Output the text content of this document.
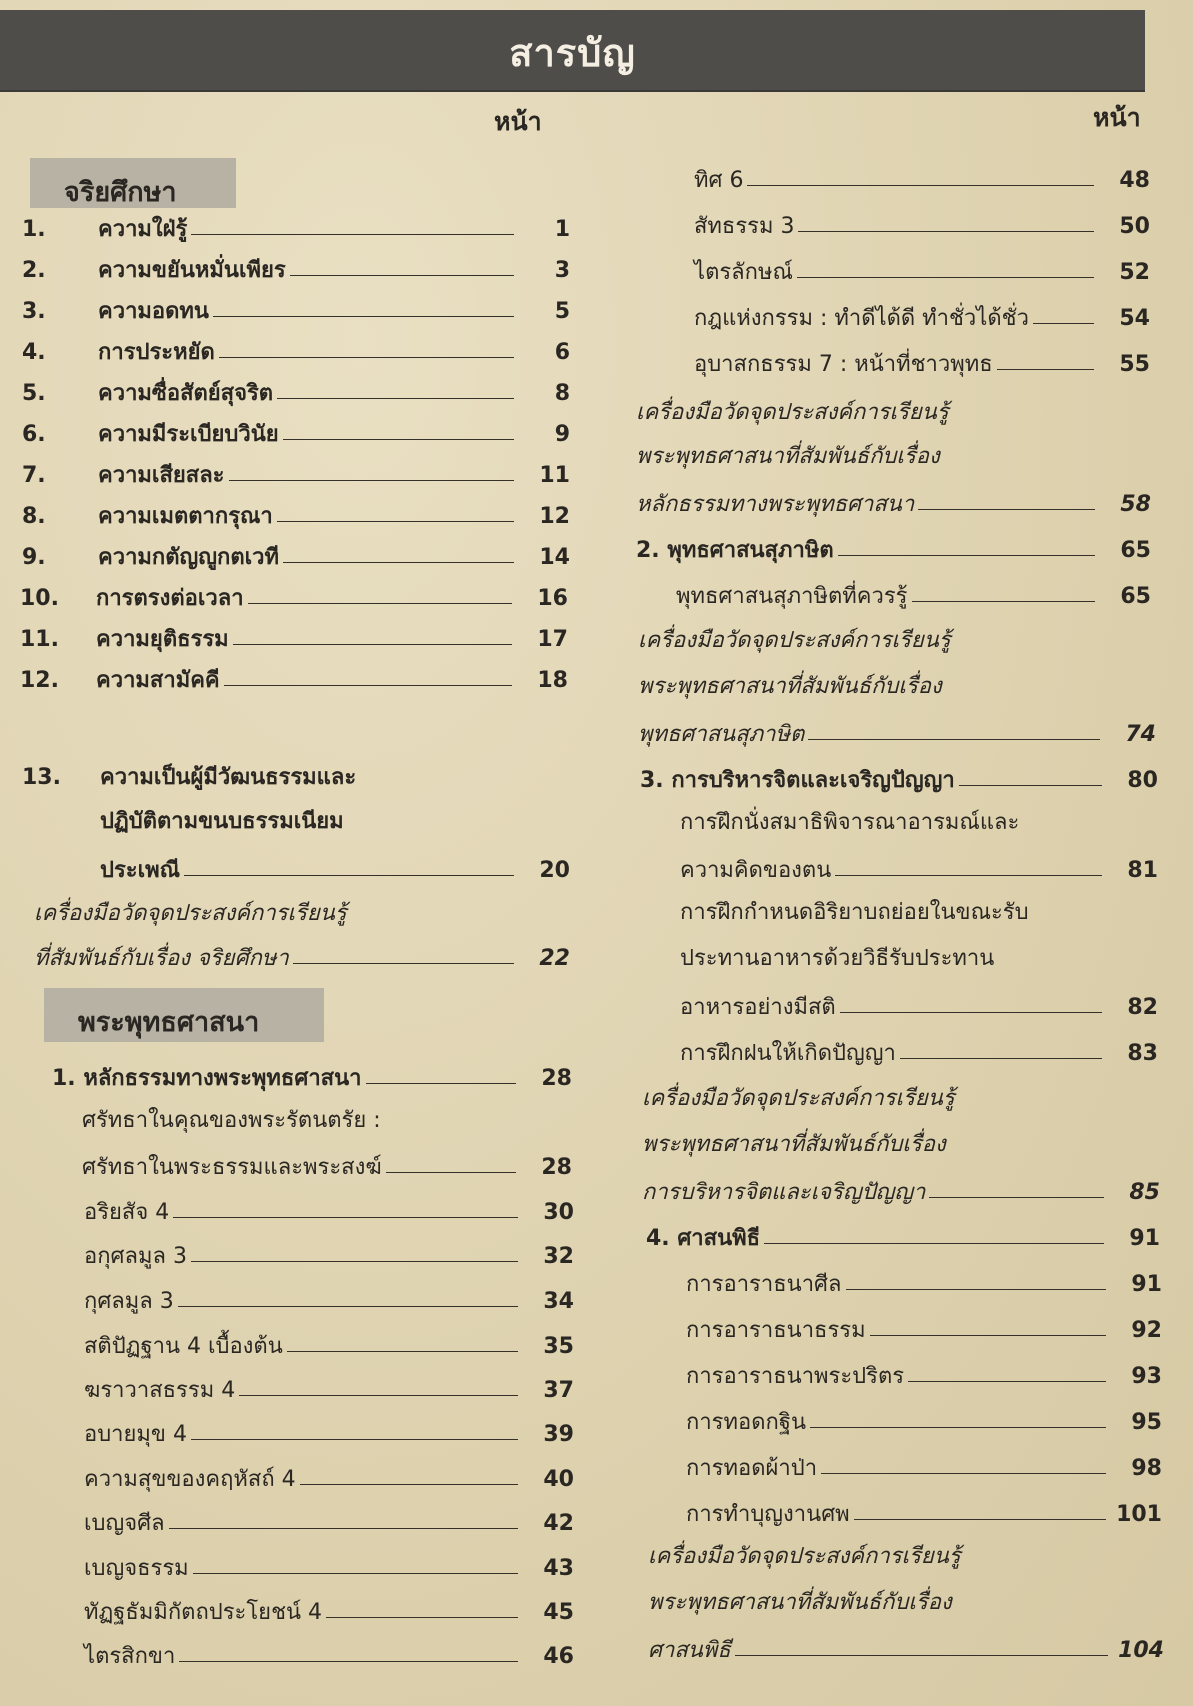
สารบัญ
หน้า	หน้า
จริยศึกษา
1.	ความใฝ่รู้	1
2.	ความขยันหมั่นเพียร	3
3.	ความอดทน	5
4.	การประหยัด	6
5.	ความซื่อสัตย์สุจริต	8
6.	ความมีระเบียบวินัย	9
7.	ความเสียสละ	11
8.	ความเมตตากรุณา	12
9.	ความกตัญญูกตเวที	14
10.	การตรงต่อเวลา	16
11.	ความยุติธรรม	17
12.	ความสามัคคี	18
13. ความเป็นผู้มีวัฒนธรรมและ
ปฏิบัติตามขนบธรรมเนียม
ประเพณี	20
เครื่องมือวัดจุดประสงค์การเรียนรู้
ที่สัมพันธ์กับเรื่อง จริยศึกษา	22
พระพุทธศาสนา
1. หลักธรรมทางพระพุทธศาสนา	28
ศรัทธาในคุณของพระรัตนตรัย :
ศรัทธาในพระธรรมและพระสงฆ์	28
อริยสัจ 4	30
อกุศลมูล 3	32
กุศลมูล 3	34
สติปัฏฐาน 4 เบื้องต้น	35
ฆราวาสธรรม 4	37
อบายมุข 4	39
ความสุขของคฤหัสถ์ 4	40
เบญจศีล	42
เบญจธรรม	43
ทัฏฐธัมมิกัตถประโยชน์ 4	45
ไตรสิกขา	46
ทิศ 6	48
สัทธรรม 3	50
ไตรลักษณ์	52
กฎแห่งกรรม : ทำดีได้ดี ทำชั่วได้ชั่ว	54
อุบาสกธรรม 7 : หน้าที่ชาวพุทธ	55
เครื่องมือวัดจุดประสงค์การเรียนรู้
พระพุทธศาสนาที่สัมพันธ์กับเรื่อง
หลักธรรมทางพระพุทธศาสนา	58
2. พุทธศาสนสุภาษิต	65
พุทธศาสนสุภาษิตที่ควรรู้	65
เครื่องมือวัดจุดประสงค์การเรียนรู้
พระพุทธศาสนาที่สัมพันธ์กับเรื่อง
พุทธศาสนสุภาษิต	74
3. การบริหารจิตและเจริญปัญญา	80
การฝึกนั่งสมาธิพิจารณาอารมณ์และ
ความคิดของตน	81
การฝึกกำหนดอิริยาบถย่อยในขณะรับ
ประทานอาหารด้วยวิธีรับประทาน
อาหารอย่างมีสติ	82
การฝึกฝนให้เกิดปัญญา	83
เครื่องมือวัดจุดประสงค์การเรียนรู้
พระพุทธศาสนาที่สัมพันธ์กับเรื่อง
การบริหารจิตและเจริญปัญญา	85
4. ศาสนพิธี	91
การอาราธนาศีล	91
การอาราธนาธรรม	92
การอาราธนาพระปริตร	93
การทอดกฐิน	95
การทอดผ้าป่า	98
การทำบุญงานศพ	101
เครื่องมือวัดจุดประสงค์การเรียนรู้
พระพุทธศาสนาที่สัมพันธ์กับเรื่อง
ศาสนพิธี	104
